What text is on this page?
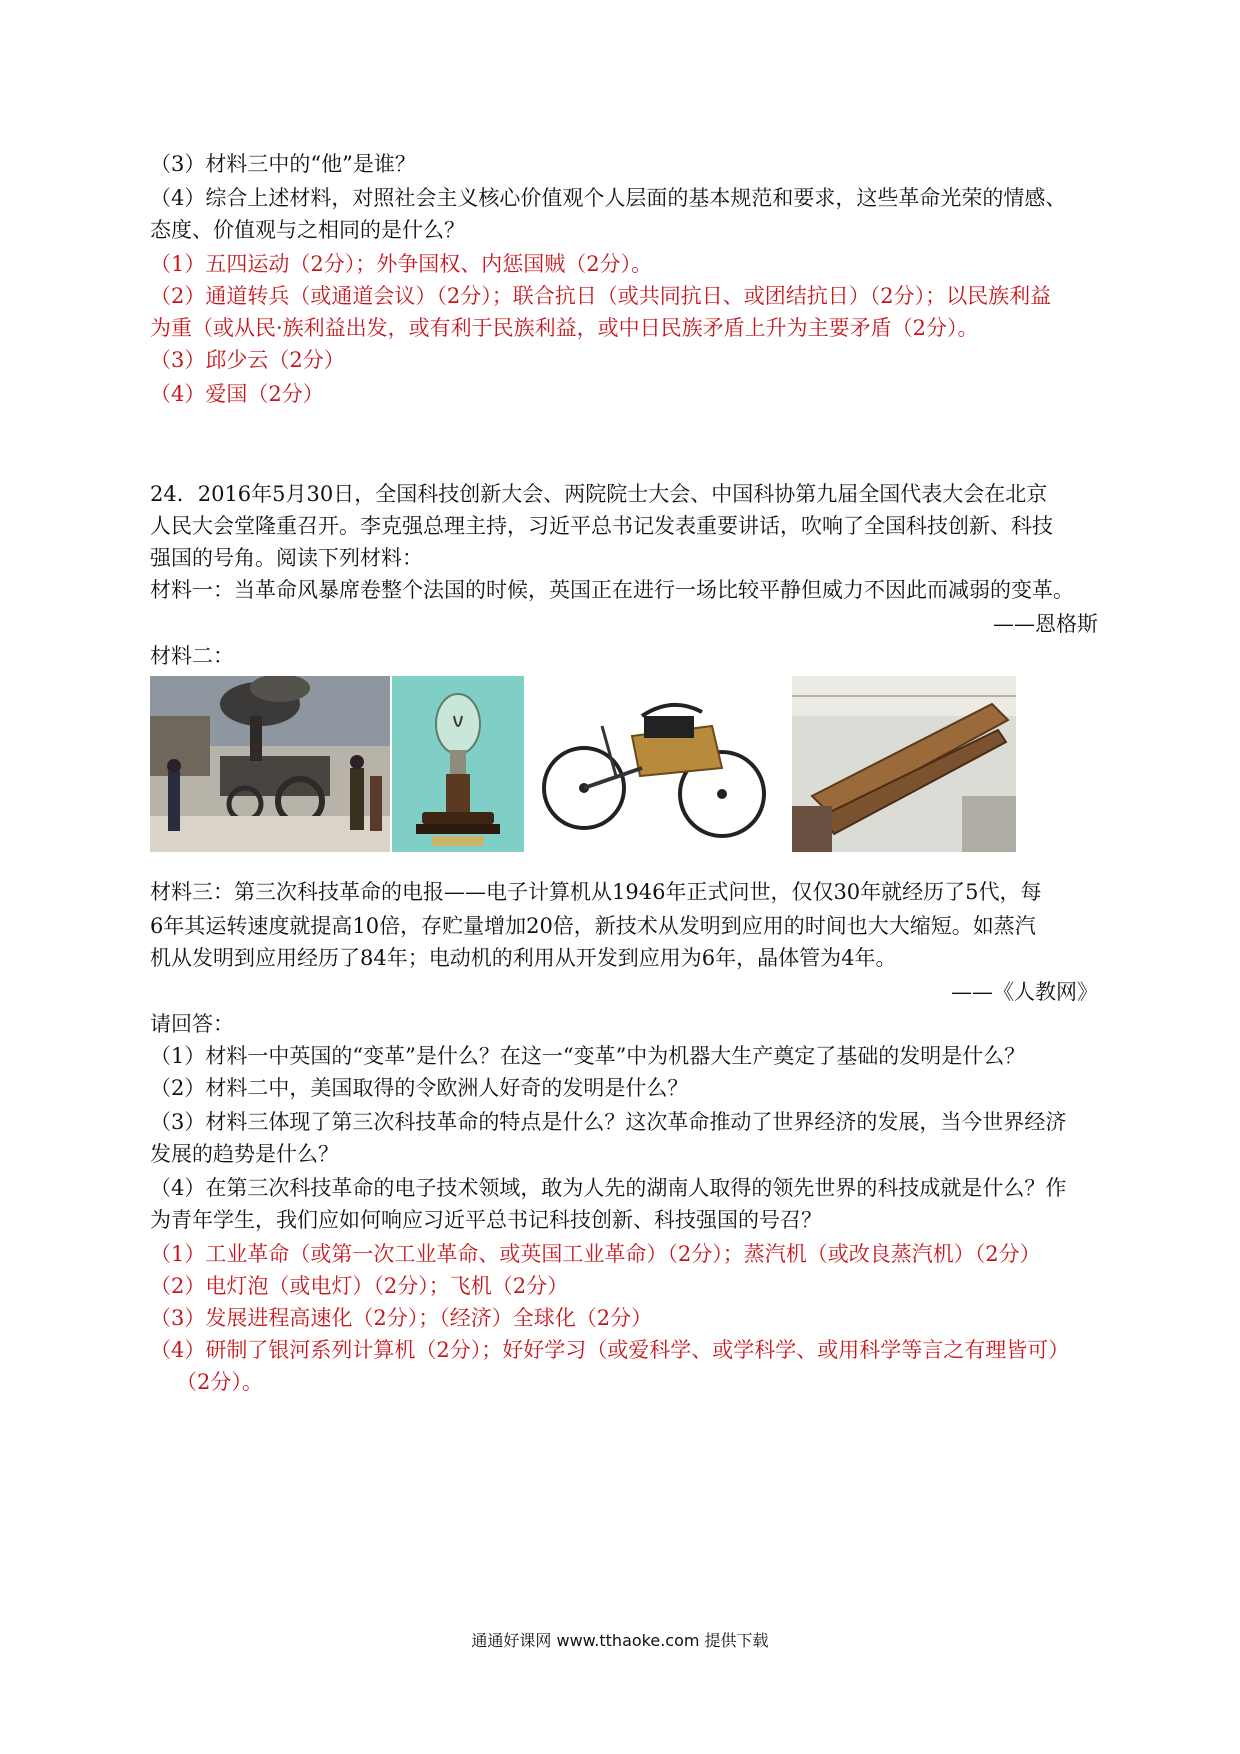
（3）材料三中的“他”是谁？
（4）综合上述材料，对照社会主义核心价值观个人层面的基本规范和要求，这些革命光荣的情感、
态度、价值观与之相同的是什么？
（1）五四运动（2分）；外争国权、内惩国贼（2分）。
（2）通道转兵（或通道会议）（2分）；联合抗日（或共同抗日、或团结抗日）（2分）；以民族利益
为重（或从民·族利益出发，或有利于民族利益，或中日民族矛盾上升为主要矛盾（2分）。
（3）邱少云（2分）
（4）爱国（2分）
24．2016年5月30日，全国科技创新大会、两院院士大会、中国科协第九届全国代表大会在北京
人民大会堂隆重召开。李克强总理主持，习近平总书记发表重要讲话，吹响了全国科技创新、科技
强国的号角。阅读下列材料：
材料一：当革命风暴席卷整个法国的时候，英国正在进行一场比较平静但威力不因此而减弱的变革。
——恩格斯
材料二：
材料三：第三次科技革命的电报——电子计算机从1946年正式问世，仅仅30年就经历了5代，每
6年其运转速度就提高10倍，存贮量增加20倍，新技术从发明到应用的时间也大大缩短。如蒸汽
机从发明到应用经历了84年；电动机的利用从开发到应用为6年，晶体管为4年。
——《人教网》
请回答：
（1）材料一中英国的“变革”是什么？在这一“变革”中为机器大生产奠定了基础的发明是什么？
（2）材料二中，美国取得的令欧洲人好奇的发明是什么？
（3）材料三体现了第三次科技革命的特点是什么？这次革命推动了世界经济的发展，当今世界经济
发展的趋势是什么？
（4）在第三次科技革命的电子技术领域，敢为人先的湖南人取得的领先世界的科技成就是什么？作
为青年学生，我们应如何响应习近平总书记科技创新、科技强国的号召？
（1）工业革命（或第一次工业革命、或英国工业革命）（2分）；蒸汽机（或改良蒸汽机）（2分）
（2）电灯泡（或电灯）（2分）；飞机（2分）
（3）发展进程高速化（2分）；（经济）全球化（2分）
（4）研制了银河系列计算机（2分）；好好学习（或爱科学、或学科学、或用科学等言之有理皆可）
（2分）。
通通好课网 www.tthaoke.com 提供下载
